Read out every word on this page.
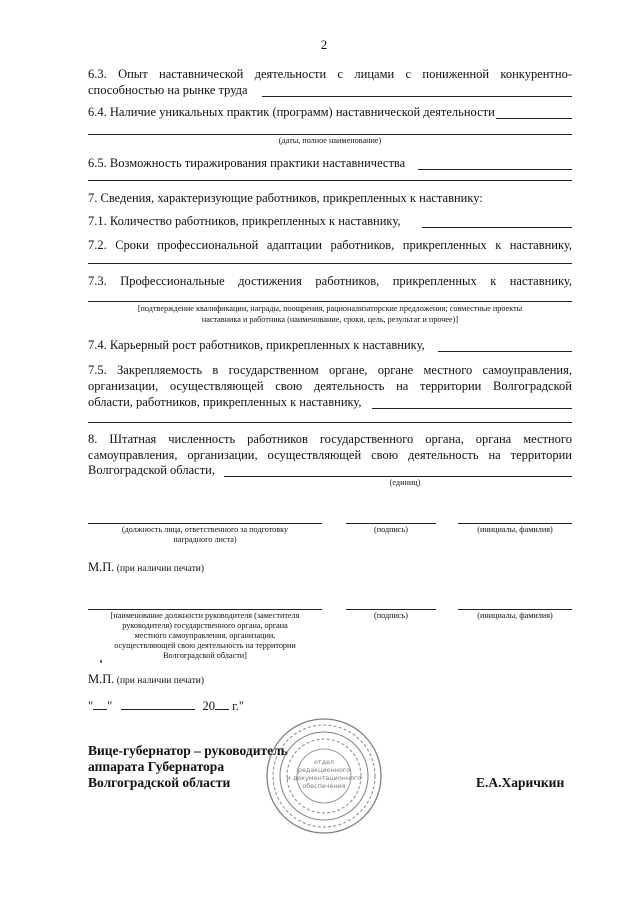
2
6.3. Опыт наставнической деятельности с лицами с пониженной конкурентно-
способностью на рынке труда
6.4. Наличие уникальных практик (программ) наставнической деятельности
(даты, полное наименование)
6.5. Возможность тиражирования практики наставничества
7. Сведения, характеризующие работников, прикрепленных к наставнику:
7.1. Количество работников, прикрепленных к наставнику,
7.2. Сроки профессиональной адаптации работников, прикрепленных к наставнику,
7.3. Профессиональные достижения работников, прикрепленных к наставнику,
[подтверждение квалификации, награды, поощрения, рационализаторские предложения; совместные проекты
наставника и работника (наименование, сроки, цель, результат и прочее)]
7.4. Карьерный рост работников, прикрепленных к наставнику,
7.5. Закрепляемость в государственном органе, органе местного самоуправления,
организации, осуществляющей свою деятельность на территории Волгоградской
области, работников, прикрепленных к наставнику,
8. Штатная численность работников государственного органа, органа местного
самоуправления, организации, осуществляющей свою деятельность на территории
Волгоградской области,
(единиц)
(должность лица, ответственного за подготовку
наградного листа)
(подпись)	(инициалы, фамилия)
М.П. (при наличии печати)
[наименование должности руководителя (заместителя
руководителя) государственного органа, органа
местного самоуправления, организации,
осуществляющей свою деятельность на территории
Волгоградской области]
(подпись)	(инициалы, фамилия)
М.П. (при наличии печати)
" "	20 г."
Вице-губернатор – руководитель
аппарата Губернатора
Волгоградской области	Е.А.Харичкин
отдел
редакционного
и документационного
обеспечения
